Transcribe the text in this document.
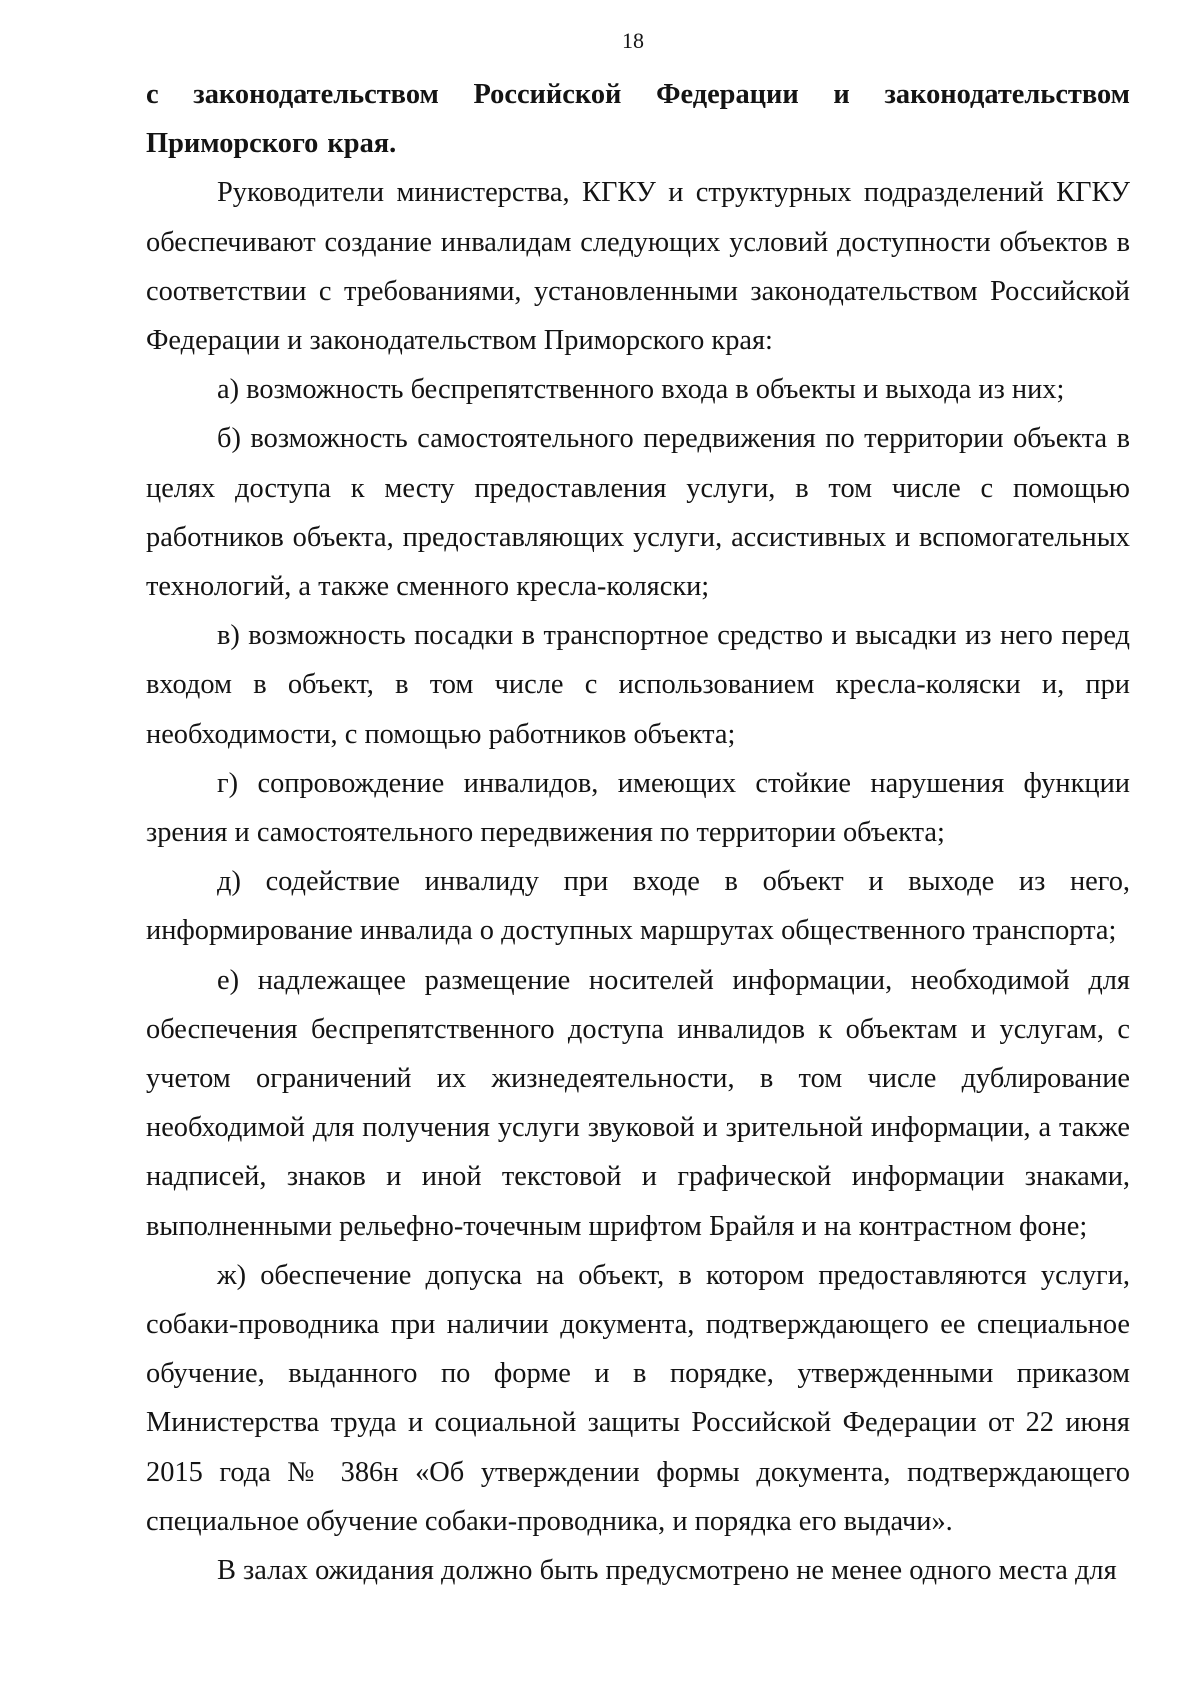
18

с законодательством Российской Федерации и законодательством Приморского края.

Руководители министерства, КГКУ и структурных подразделений КГКУ обеспечивают создание инвалидам следующих условий доступности объектов в соответствии с требованиями, установленными законодательством Российской Федерации и законодательством Приморского края:

а) возможность беспрепятственного входа в объекты и выхода из них;

б) возможность самостоятельного передвижения по территории объекта в целях доступа к месту предоставления услуги, в том числе с помощью работников объекта, предоставляющих услуги, ассистивных и вспомогательных технологий, а также сменного кресла-коляски;

в) возможность посадки в транспортное средство и высадки из него перед входом в объект, в том числе с использованием кресла-коляски и, при необходимости, с помощью работников объекта;

г) сопровождение инвалидов, имеющих стойкие нарушения функции зрения и самостоятельного передвижения по территории объекта;

д) содействие инвалиду при входе в объект и выходе из него, информирование инвалида о доступных маршрутах общественного транспорта;

е) надлежащее размещение носителей информации, необходимой для обеспечения беспрепятственного доступа инвалидов к объектам и услугам, с учетом ограничений их жизнедеятельности, в том числе дублирование необходимой для получения услуги звуковой и зрительной информации, а также надписей, знаков и иной текстовой и графической информации знаками, выполненными рельефно-точечным шрифтом Брайля и на контрастном фоне;

ж) обеспечение допуска на объект, в котором предоставляются услуги, собаки-проводника при наличии документа, подтверждающего ее специальное обучение, выданного по форме и в порядке, утвержденными приказом Министерства труда и социальной защиты Российской Федерации от 22 июня 2015 года № 386н «Об утверждении формы документа, подтверждающего специальное обучение собаки-проводника, и порядка его выдачи».

В залах ожидания должно быть предусмотрено не менее одного места для
